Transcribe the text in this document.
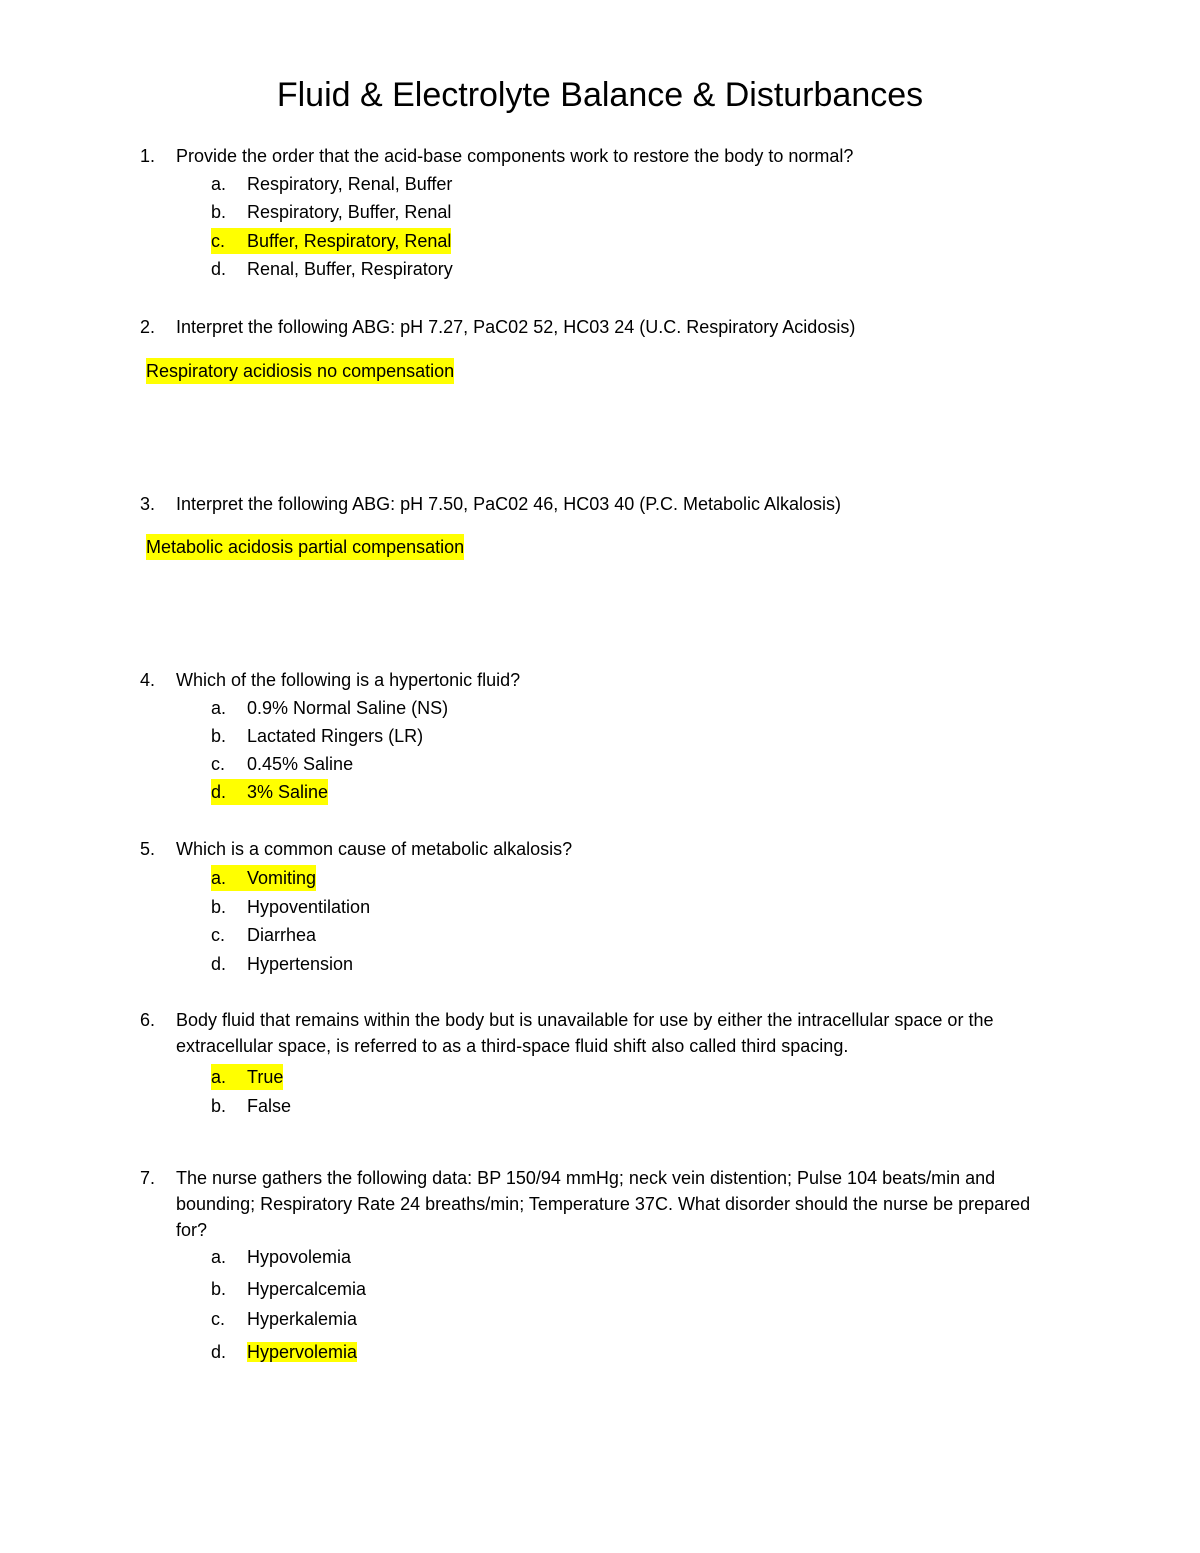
Fluid & Electrolyte Balance & Disturbances
1.	Provide the order that the acid-base components work to restore the body to normal?
a. Respiratory, Renal, Buffer
b. Respiratory, Buffer, Renal
c. Buffer, Respiratory, Renal
d. Renal, Buffer, Respiratory
2.	Interpret the following ABG: pH 7.27, PaC02 52, HC03 24 (U.C. Respiratory Acidosis)
Respiratory acidiosis no compensation
3.	Interpret the following ABG: pH 7.50, PaC02 46, HC03 40 (P.C. Metabolic Alkalosis)
Metabolic acidosis partial compensation
4.	Which of the following is a hypertonic fluid?
a. 0.9% Normal Saline (NS)
b. Lactated Ringers (LR)
c. 0.45% Saline
d. 3% Saline
5.	Which is a common cause of metabolic alkalosis?
a. Vomiting
b. Hypoventilation
c. Diarrhea
d. Hypertension
6.	Body fluid that remains within the body but is unavailable for use by either the intracellular space or the extracellular space, is referred to as a third-space fluid shift also called third spacing.
a. True
b. False
7.	The nurse gathers the following data: BP 150/94 mmHg; neck vein distention; Pulse 104 beats/min and bounding; Respiratory Rate 24 breaths/min; Temperature 37C. What disorder should the nurse be prepared for?
a. Hypovolemia
b. Hypercalcemia
c. Hyperkalemia
d. Hypervolemia
